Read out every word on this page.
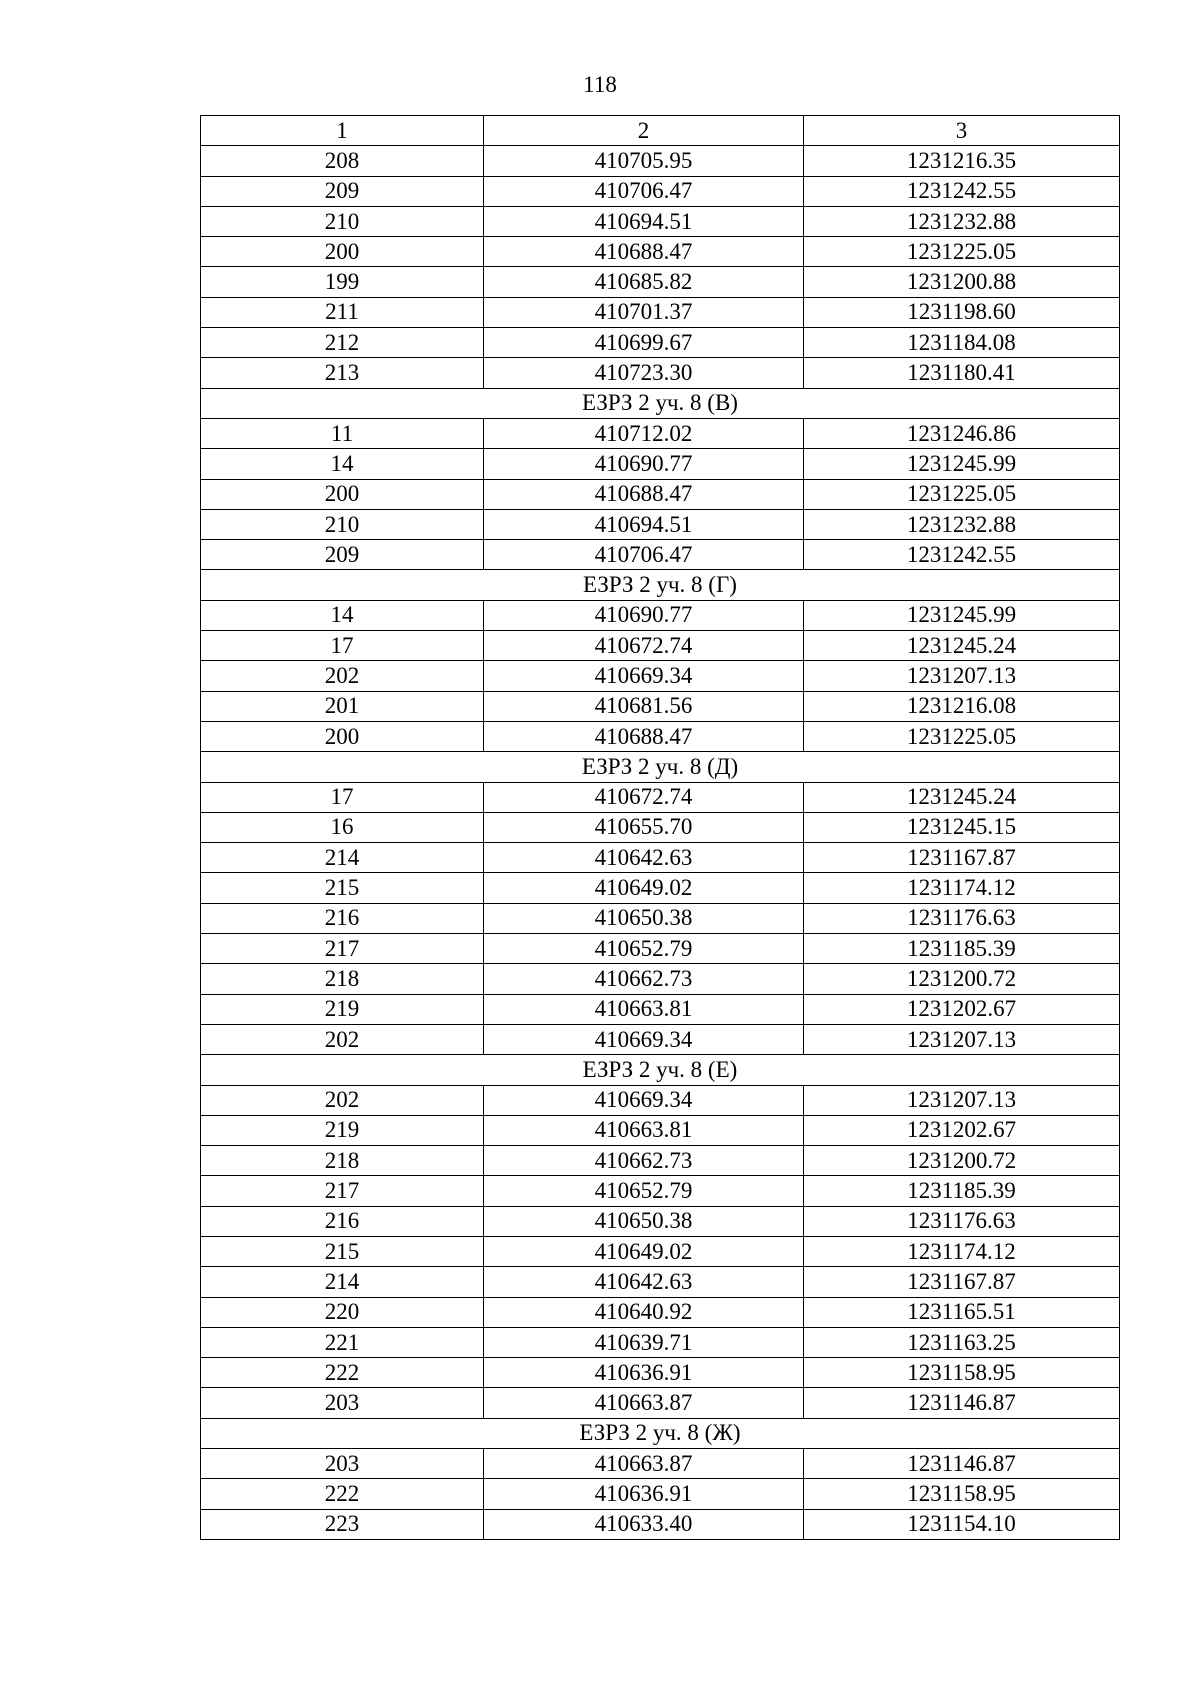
118
1	2	3
208	410705.95	1231216.35
209	410706.47	1231242.55
210	410694.51	1231232.88
200	410688.47	1231225.05
199	410685.82	1231200.88
211	410701.37	1231198.60
212	410699.67	1231184.08
213	410723.30	1231180.41
ЕЗРЗ 2 уч. 8 (В)		
11	410712.02	1231246.86
14	410690.77	1231245.99
200	410688.47	1231225.05
210	410694.51	1231232.88
209	410706.47	1231242.55
ЕЗРЗ 2 уч. 8 (Г)		
14	410690.77	1231245.99
17	410672.74	1231245.24
202	410669.34	1231207.13
201	410681.56	1231216.08
200	410688.47	1231225.05
ЕЗРЗ 2 уч. 8 (Д)		
17	410672.74	1231245.24
16	410655.70	1231245.15
214	410642.63	1231167.87
215	410649.02	1231174.12
216	410650.38	1231176.63
217	410652.79	1231185.39
218	410662.73	1231200.72
219	410663.81	1231202.67
202	410669.34	1231207.13
ЕЗРЗ 2 уч. 8 (Е)		
202	410669.34	1231207.13
219	410663.81	1231202.67
218	410662.73	1231200.72
217	410652.79	1231185.39
216	410650.38	1231176.63
215	410649.02	1231174.12
214	410642.63	1231167.87
220	410640.92	1231165.51
221	410639.71	1231163.25
222	410636.91	1231158.95
203	410663.87	1231146.87
ЕЗРЗ 2 уч. 8 (Ж)		
203	410663.87	1231146.87
222	410636.91	1231158.95
223	410633.40	1231154.10
